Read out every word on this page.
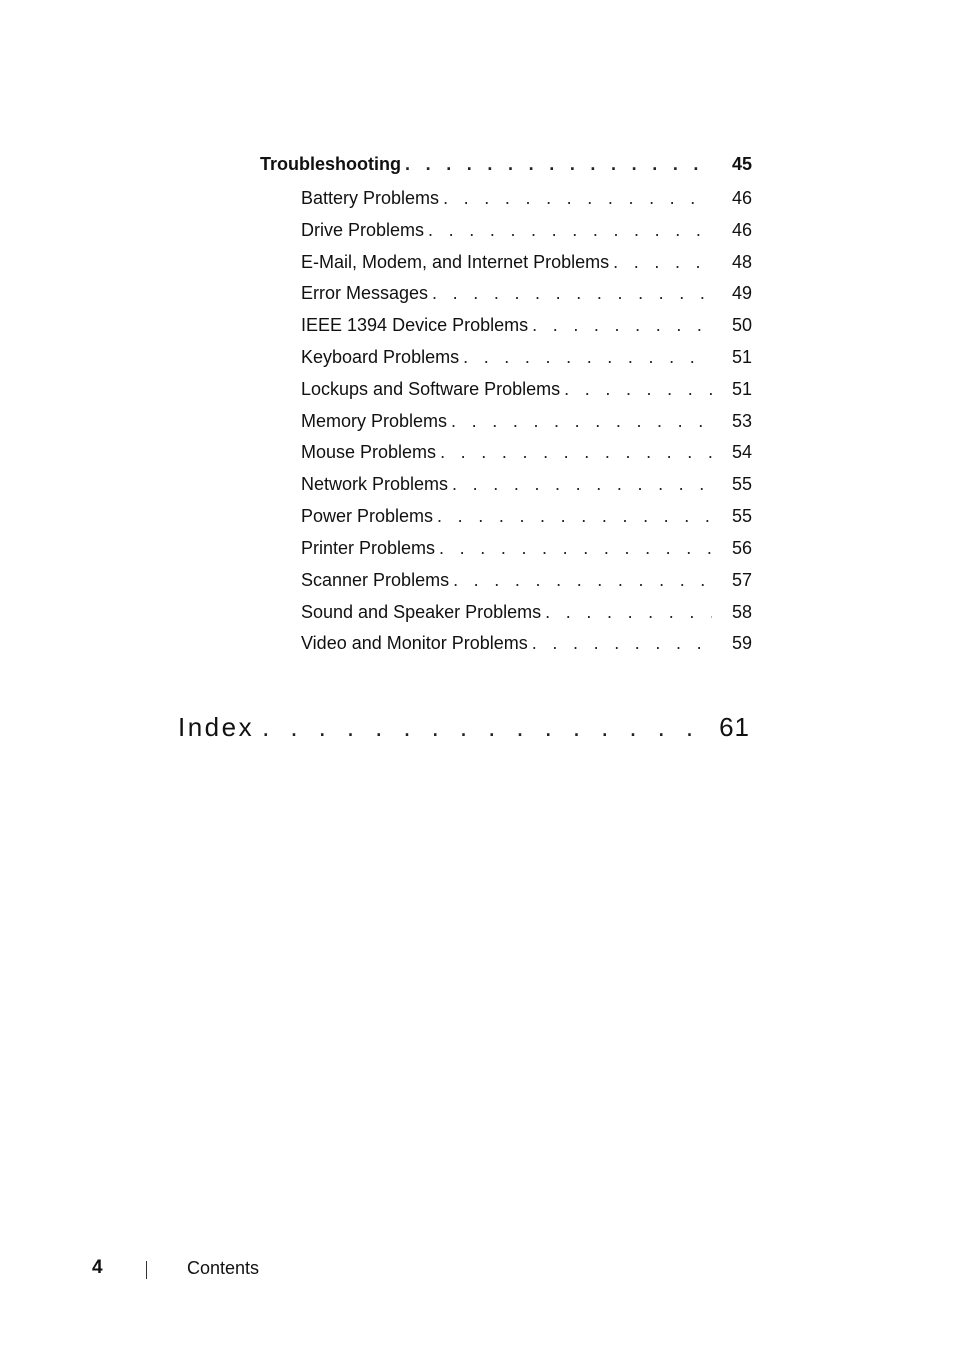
Troubleshooting . . .	45
Battery Problems . . .	46
Drive Problems . . .	46
E-Mail, Modem, and Internet Problems . . .	48
Error Messages . . .	49
IEEE 1394 Device Problems . . .	50
Keyboard Problems . . .	51
Lockups and Software Problems . . .	51
Memory Problems . . .	53
Mouse Problems . . .	54
Network Problems . . .	55
Power Problems . . .	55
Printer Problems . . .	56
Scanner Problems . . .	57
Sound and Speaker Problems . . .	58
Video and Monitor Problems . . .	59
Index . . .	61
4	Contents
